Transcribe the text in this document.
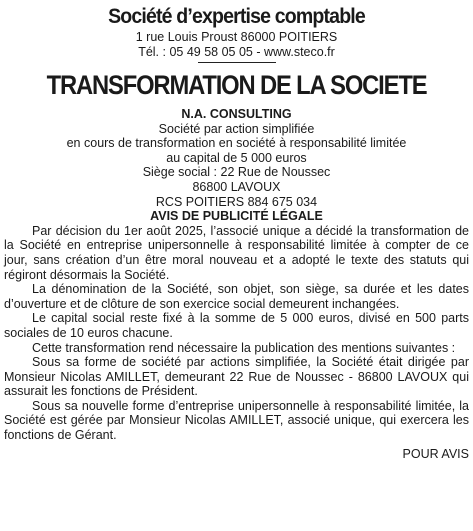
Société d’expertise comptable

1 rue Louis Proust 86000 POITIERS

Tél. : 05 49 58 05 05 - www.steco.fr

TRANSFORMATION DE LA SOCIETE

N.A. CONSULTING

Société par action simplifiée

en cours de transformation en société à responsabilité limitée

au capital de 5 000 euros

Siège social : 22 Rue de Noussec

86800 LAVOUX

RCS POITIERS 884 675 034

AVIS DE PUBLICITÉ LÉGALE

Par décision du 1er août 2025, l’associé unique a décidé la transformation de la Société en entreprise unipersonnelle à responsabilité limitée à compter de ce jour, sans création d’un être moral nouveau et a adopté le texte des statuts qui régiront désormais la Société.

La dénomination de la Société, son objet, son siège, sa durée et les dates d’ouverture et de clôture de son exercice social demeurent inchangées.

Le capital social reste fixé à la somme de 5 000 euros, divisé en 500 parts sociales de 10 euros chacune.

Cette transformation rend nécessaire la publication des mentions suivantes :

Sous sa forme de société par actions simplifiée, la Société était dirigée par Monsieur Nicolas AMILLET, demeurant 22 Rue de Noussec - 86800 LAVOUX qui assurait les fonctions de Président.

Sous sa nouvelle forme d’entreprise unipersonnelle à responsabilité limitée, la Société est gérée par Monsieur Nicolas AMILLET, associé unique, qui exercera les fonctions de Gérant.

POUR AVIS
